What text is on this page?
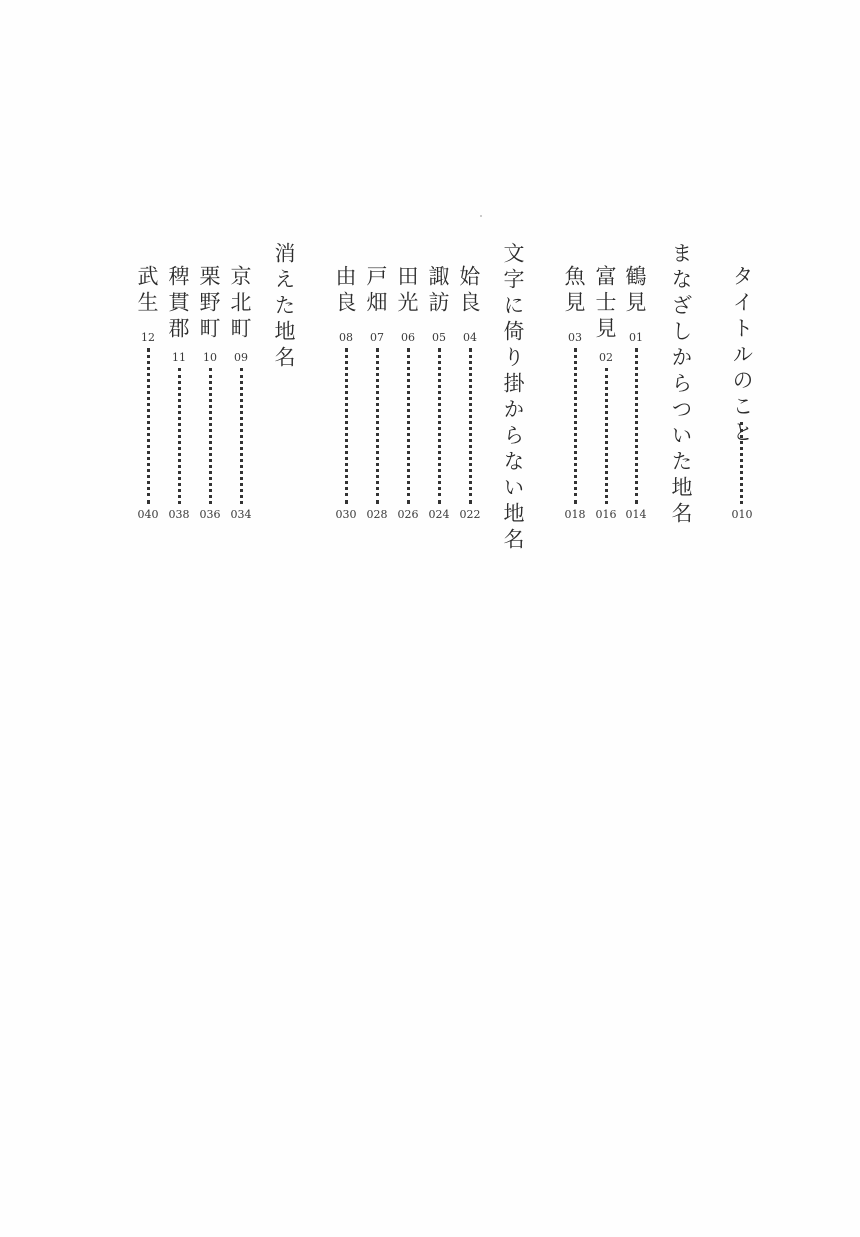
タイトルのこと
010
まなざしからついた地名
鶴見
01
014
富士見
02
016
魚見
03
018
文字に倚り掛からない地名
姶良
04
022
諏訪
05
024
田光
06
026
戸畑
07
028
由良
08
030
消えた地名
京北町
09
034
栗野町
10
036
稗貫郡
11
038
武生
12
040
